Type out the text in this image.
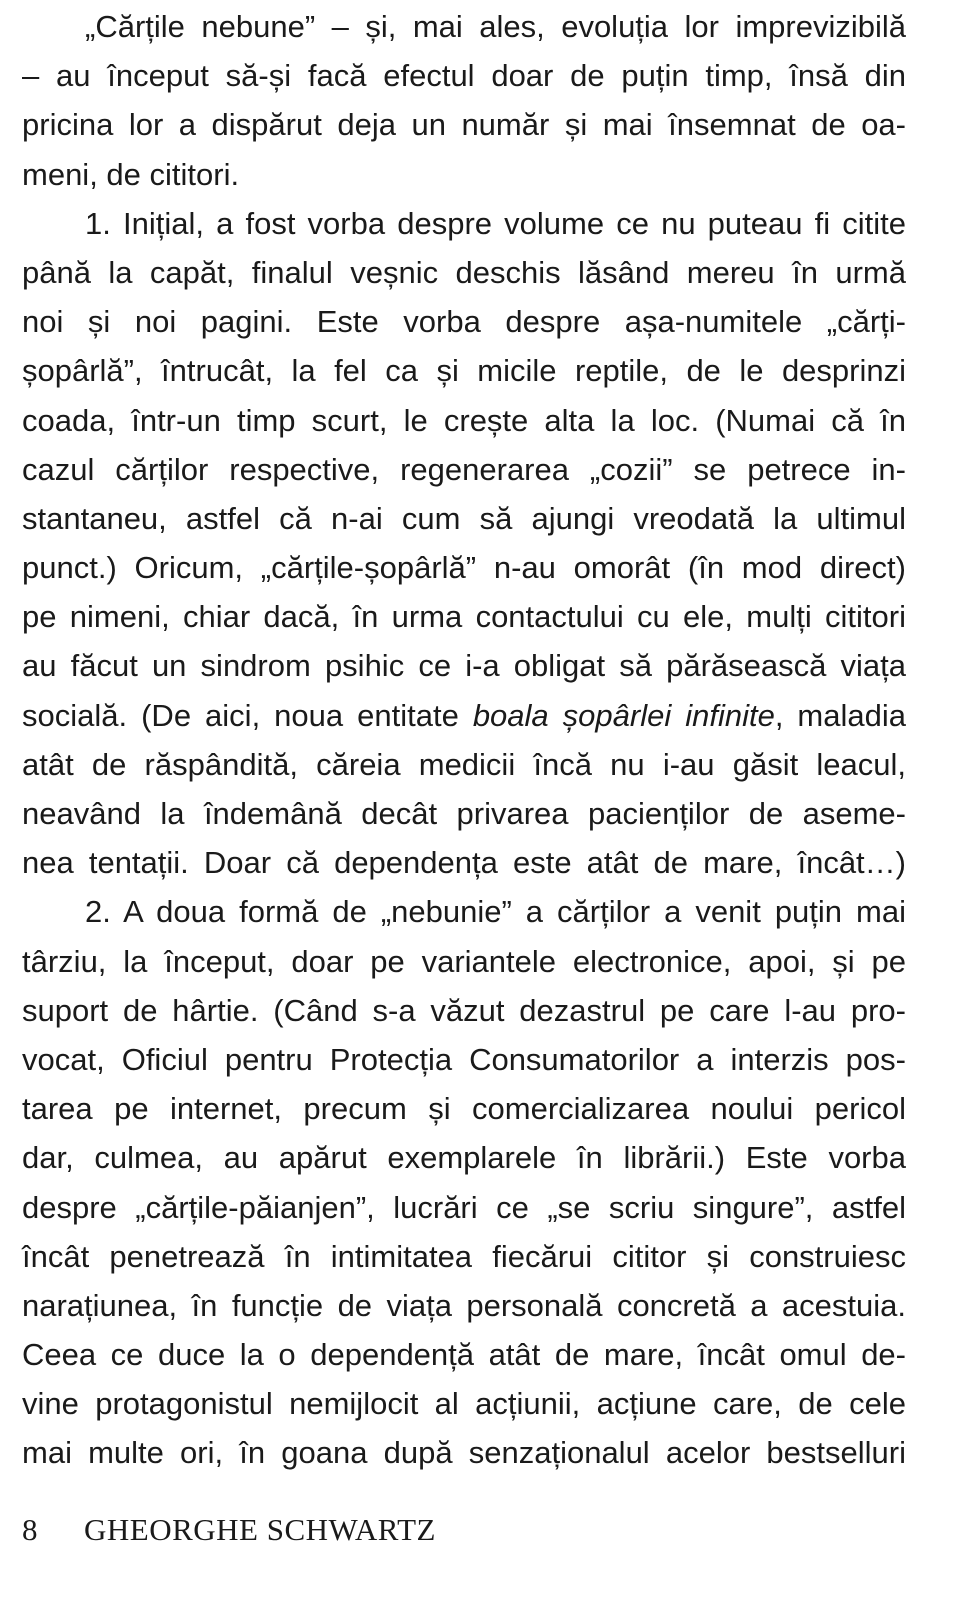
„Cărțile nebune” – și, mai ales, evoluția lor imprevizibilă
– au început să-și facă efectul doar de puțin timp, însă din
pricina lor a dispărut deja un număr și mai însemnat de oa-
meni, de cititori.
1. Inițial, a fost vorba despre volume ce nu puteau fi citite
până la capăt, finalul veșnic deschis lăsând mereu în urmă
noi și noi pagini. Este vorba despre așa-numitele „cărți-
șopârlă”, întrucât, la fel ca și micile reptile, de le desprinzi
coada, într-un timp scurt, le crește alta la loc. (Numai că în
cazul cărților respective, regenerarea „cozii” se petrece in-
stantaneu, astfel că n-ai cum să ajungi vreodată la ultimul
punct.) Oricum, „cărțile-șopârlă” n-au omorât (în mod direct)
pe nimeni, chiar dacă, în urma contactului cu ele, mulți cititori
au făcut un sindrom psihic ce i-a obligat să părăsească viața
socială. (De aici, noua entitate boala șopârlei infinite, maladia
atât de răspândită, căreia medicii încă nu i-au găsit leacul,
neavând la îndemână decât privarea pacienților de aseme-
nea tentații. Doar că dependența este atât de mare, încât…)
2. A doua formă de „nebunie” a cărților a venit puțin mai
târziu, la început, doar pe variantele electronice, apoi, și pe
suport de hârtie. (Când s-a văzut dezastrul pe care l-au pro-
vocat, Oficiul pentru Protecția Consumatorilor a interzis pos-
tarea pe internet, precum și comercializarea noului pericol
dar, culmea, au apărut exemplarele în librării.) Este vorba
despre „cărțile-păianjen”, lucrări ce „se scriu singure”, astfel
încât penetrează în intimitatea fiecărui cititor și construiesc
narațiunea, în funcție de viața personală concretă a acestuia.
Ceea ce duce la o dependență atât de mare, încât omul de-
vine protagonistul nemijlocit al acțiunii, acțiune care, de cele
mai multe ori, în goana după senzaționalul acelor bestselluri
8 GHEORGHE SCHWARTZ
